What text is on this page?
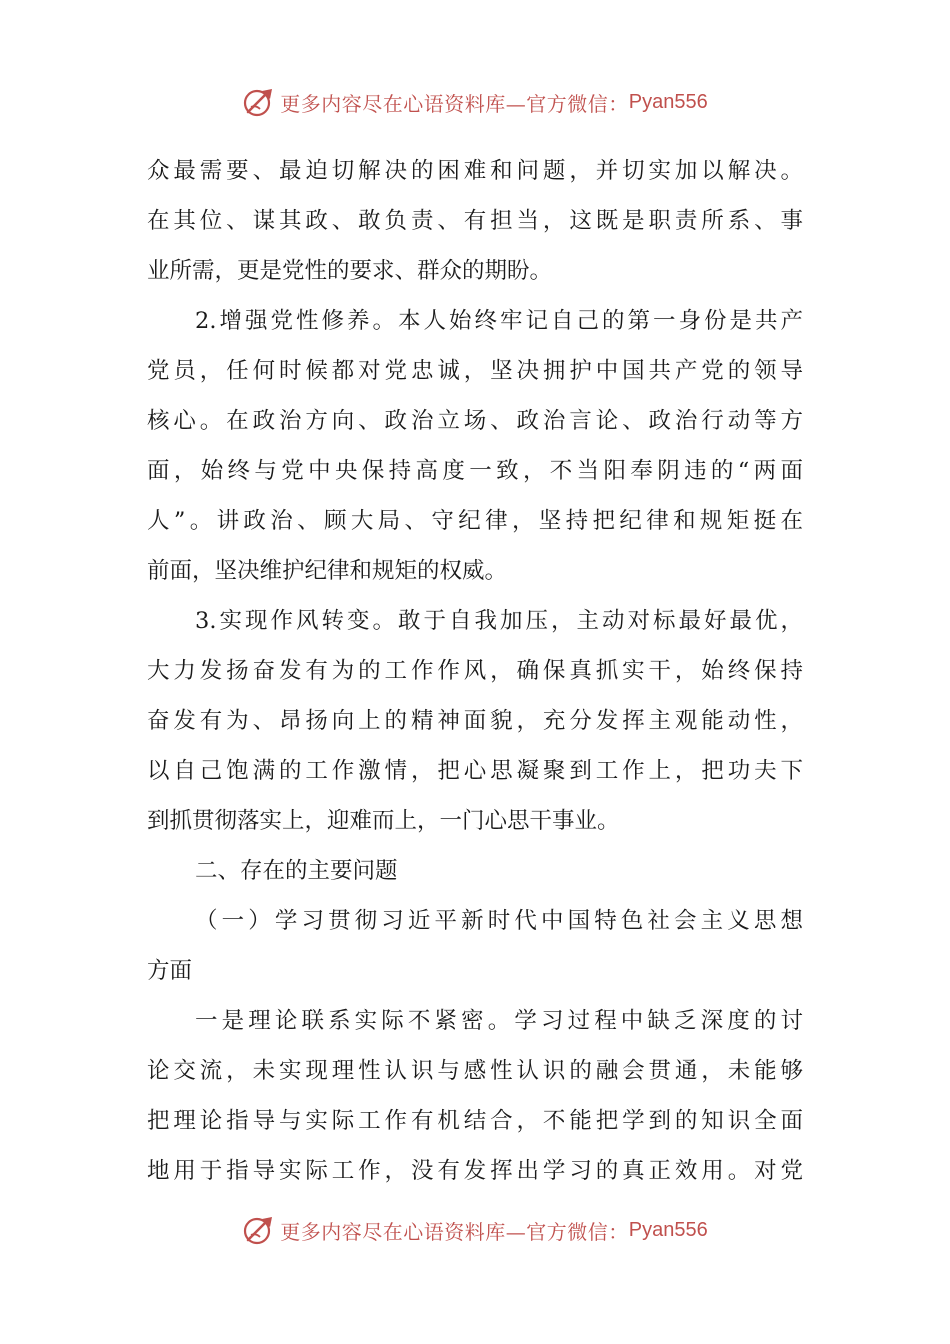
更多内容尽在心语资料库—官方微信： Pyan556
众最需要、最迫切解决的困难和问题，并切实加以解决。
在其位、谋其政、敢负责、有担当，这既是职责所系、事
业所需，更是党性的要求、群众的期盼。
2.增强党性修养。本人始终牢记自己的第一身份是共产
党员，任何时候都对党忠诚，坚决拥护中国共产党的领导
核心。在政治方向、政治立场、政治言论、政治行动等方
面，始终与党中央保持高度一致，不当阳奉阴违的“两面
人”。讲政治、顾大局、守纪律，坚持把纪律和规矩挺在
前面，坚决维护纪律和规矩的权威。
3.实现作风转变。敢于自我加压，主动对标最好最优，
大力发扬奋发有为的工作作风，确保真抓实干，始终保持
奋发有为、昂扬向上的精神面貌，充分发挥主观能动性，
以自己饱满的工作激情，把心思凝聚到工作上，把功夫下
到抓贯彻落实上，迎难而上，一门心思干事业。
二、存在的主要问题
（一）学习贯彻习近平新时代中国特色社会主义思想
方面
一是理论联系实际不紧密。学习过程中缺乏深度的讨
论交流，未实现理性认识与感性认识的融会贯通，未能够
把理论指导与实际工作有机结合，不能把学到的知识全面
地用于指导实际工作，没有发挥出学习的真正效用。对党
更多内容尽在心语资料库—官方微信： Pyan556
